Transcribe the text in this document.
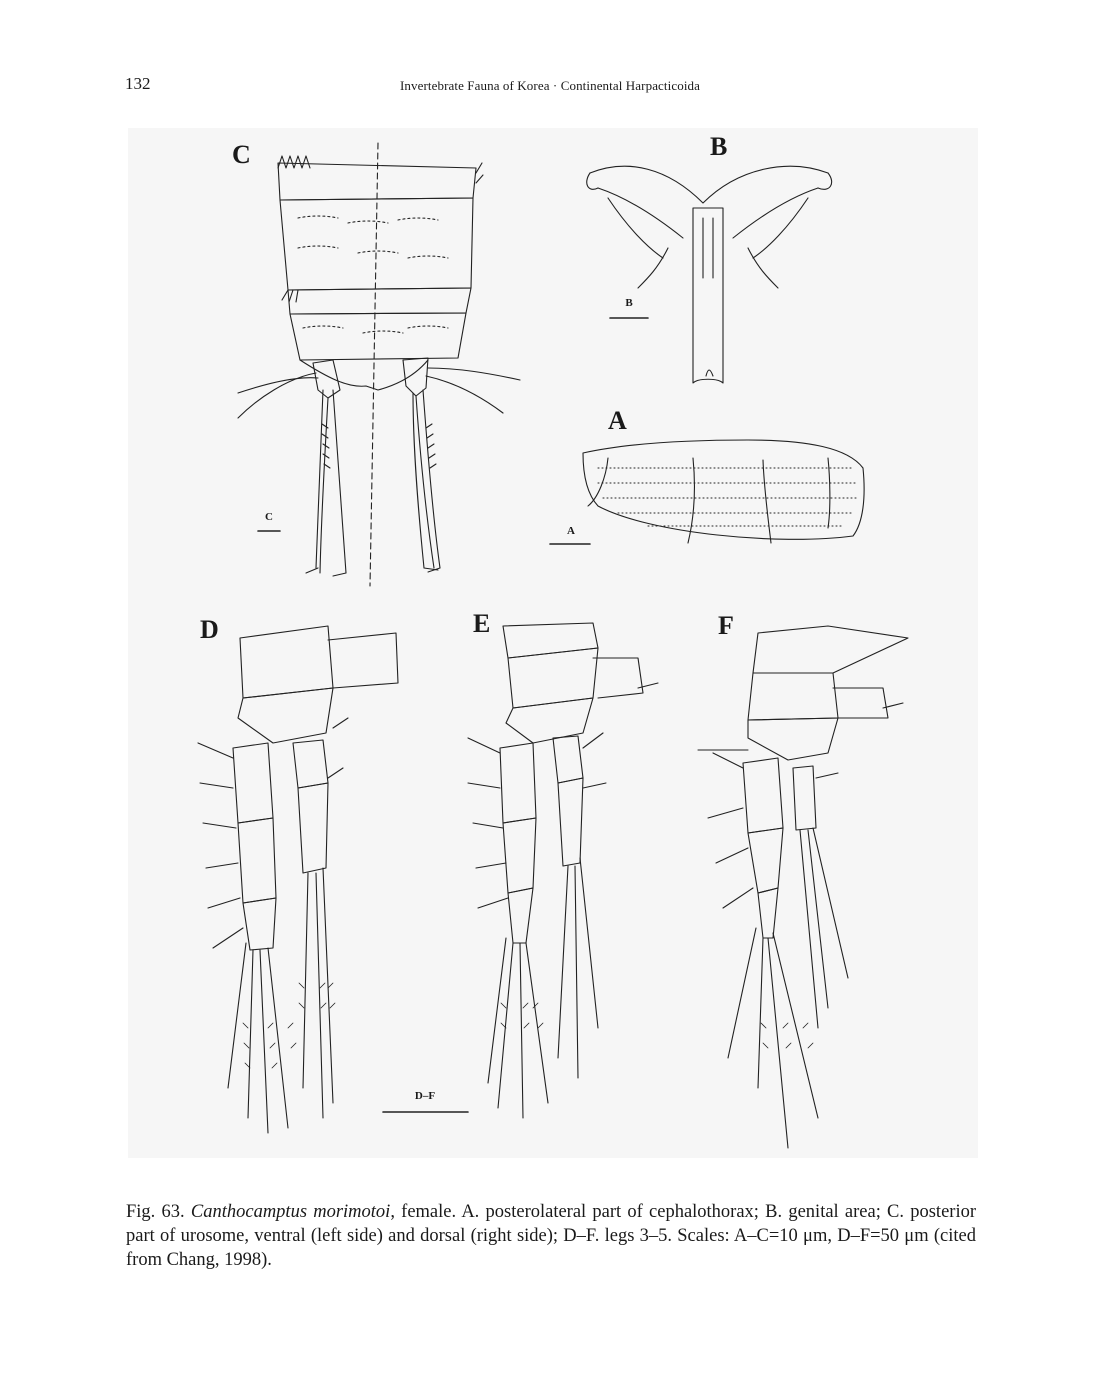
132	Invertebrate Fauna of Korea · Continental Harpacticoida
C	B
A
D	E	F
C
A
B
D–F
Fig. 63. Canthocamptus morimotoi, female. A. posterolateral part of cephalothorax; B. genital area; C. posterior part of urosome, ventral (left side) and dorsal (right side); D–F. legs 3–5. Scales: A–C=10 μm, D–F=50 μm (cited from Chang, 1998).
